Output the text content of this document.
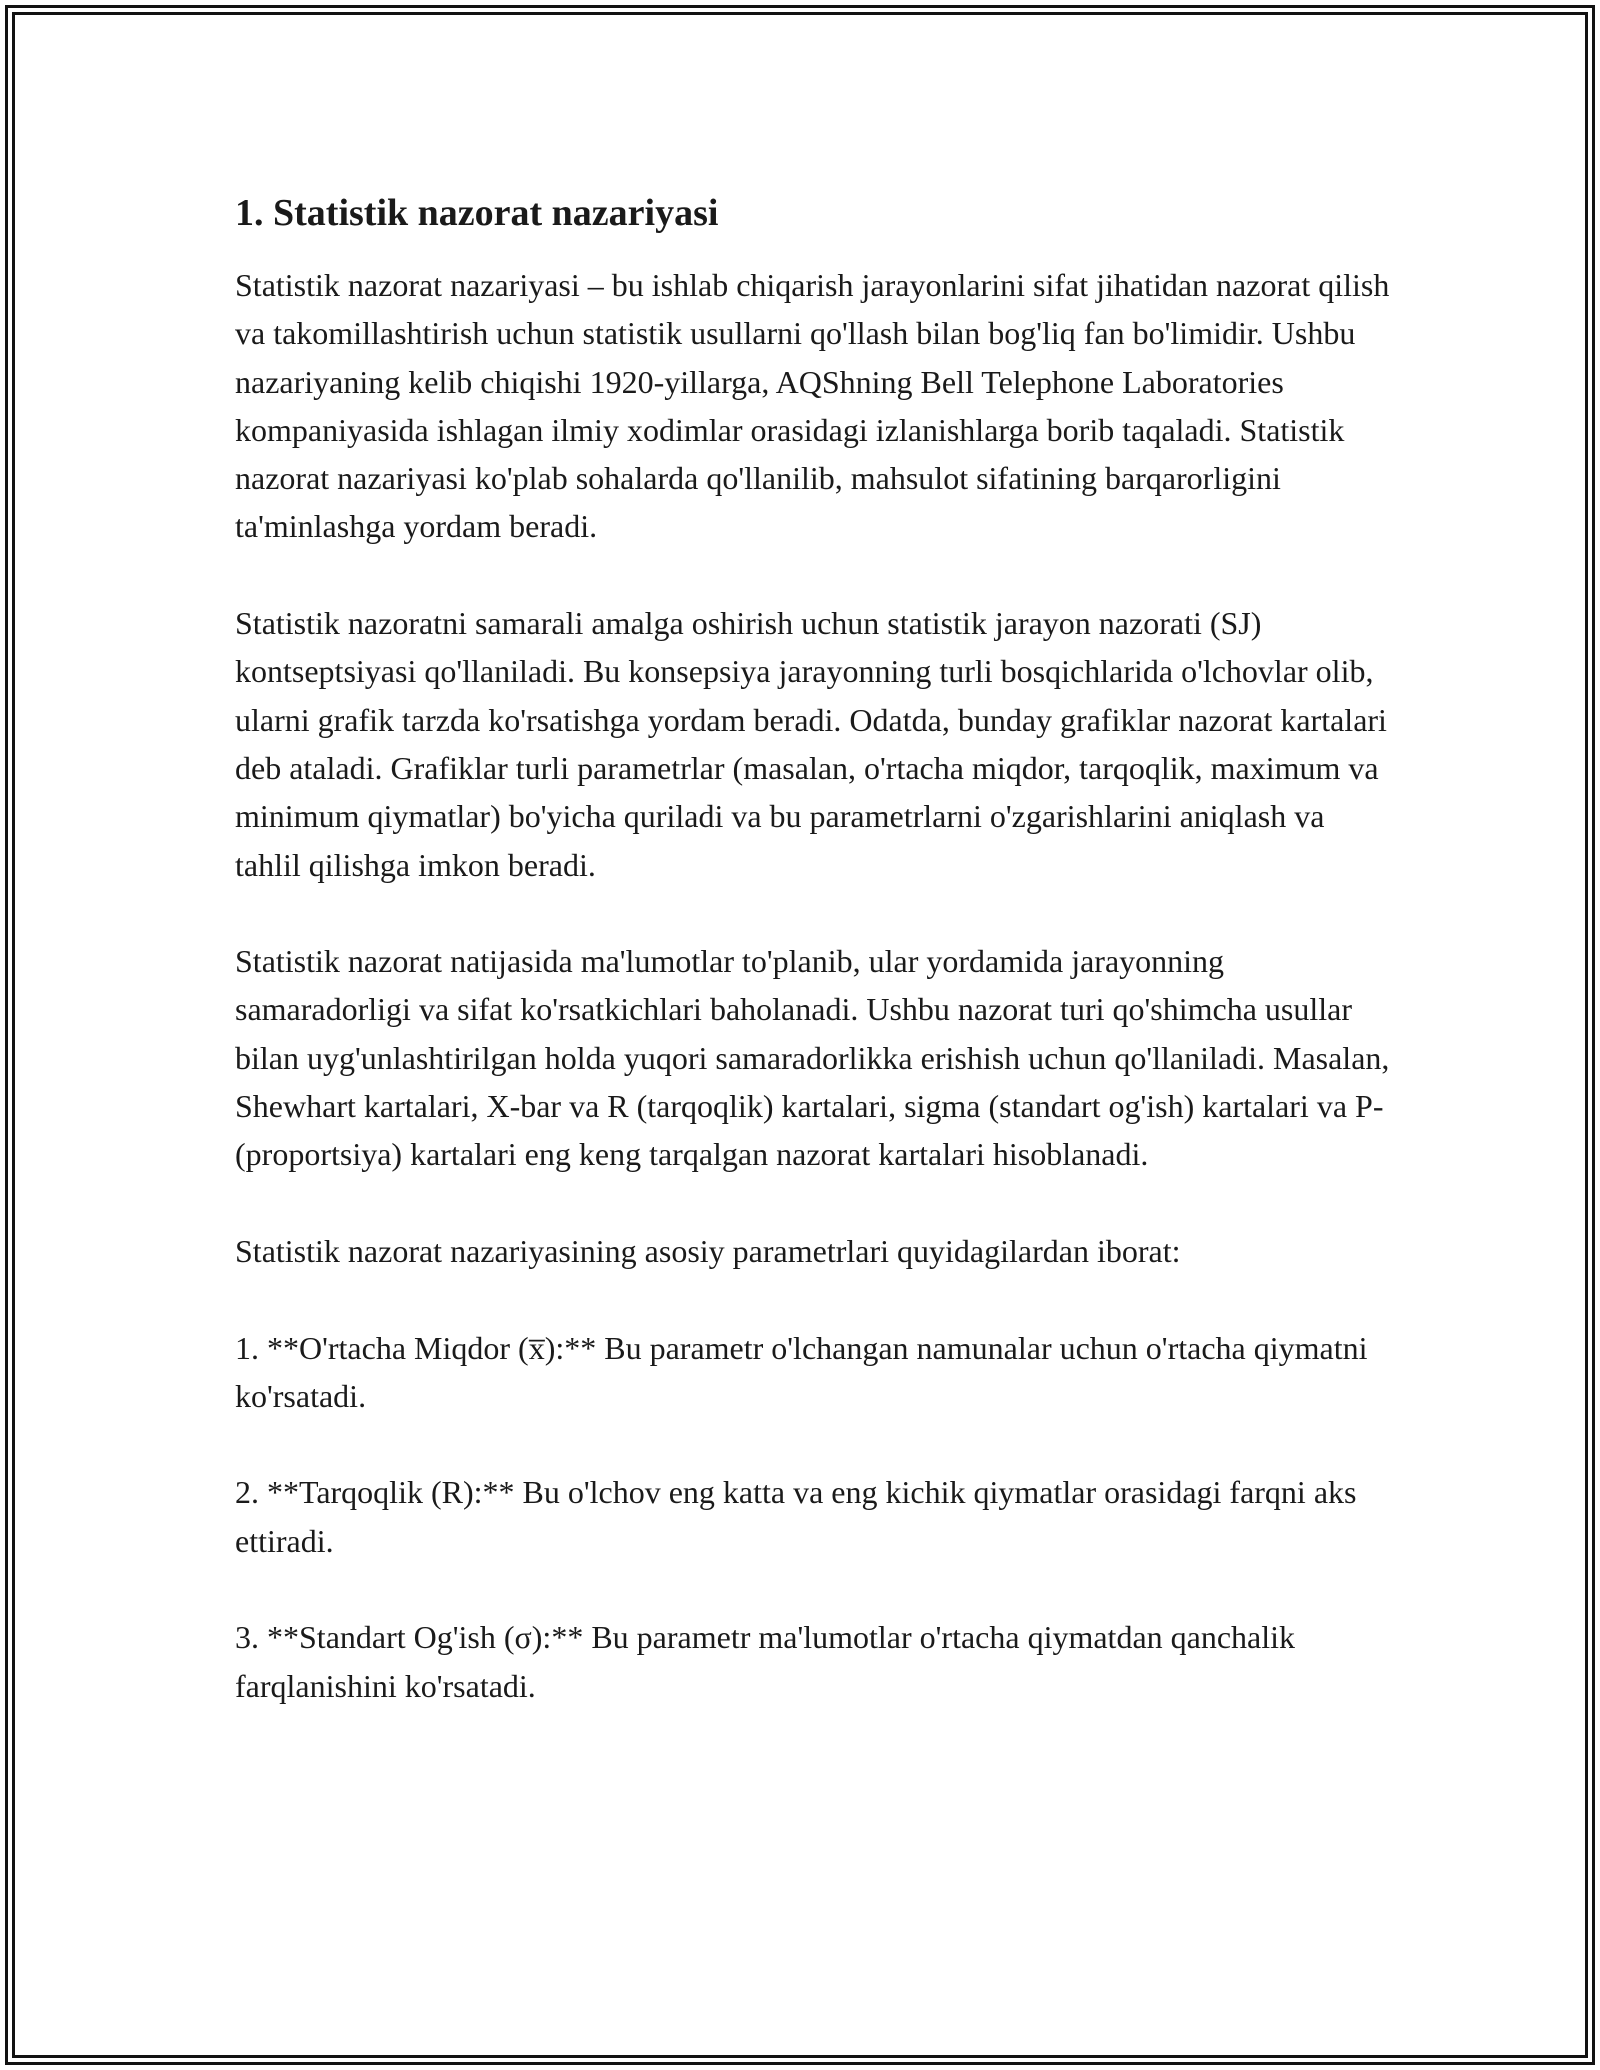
1. Statistik nazorat nazariyasi

Statistik nazorat nazariyasi – bu ishlab chiqarish jarayonlarini sifat jihatidan nazorat qilish va takomillashtirish uchun statistik usullarni qo'llash bilan bog'liq fan bo'limidir. Ushbu nazariyaning kelib chiqishi 1920-yillarga, AQShning Bell Telephone Laboratories kompaniyasida ishlagan ilmiy xodimlar orasidagi izlanishlarga borib taqaladi. Statistik nazorat nazariyasi ko'plab sohalarda qo'llanilib, mahsulot sifatining barqarorligini ta'minlashga yordam beradi.

Statistik nazoratni samarali amalga oshirish uchun statistik jarayon nazorati (SJ) kontseptsiyasi qo'llaniladi. Bu konsepsiya jarayonning turli bosqichlarida o'lchovlar olib, ularni grafik tarzda ko'rsatishga yordam beradi. Odatda, bunday grafiklar nazorat kartalari deb ataladi. Grafiklar turli parametrlar (masalan, o'rtacha miqdor, tarqoqlik, maximum va minimum qiymatlar) bo'yicha quriladi va bu parametrlarni o'zgarishlarini aniqlash va tahlil qilishga imkon beradi.

Statistik nazorat natijasida ma'lumotlar to'planib, ular yordamida jarayonning samaradorligi va sifat ko'rsatkichlari baholanadi. Ushbu nazorat turi qo'shimcha usullar bilan uyg'unlashtirilgan holda yuqori samaradorlikka erishish uchun qo'llaniladi. Masalan, Shewhart kartalari, X-bar va R (tarqoqlik) kartalari, sigma (standart og'ish) kartalari va P- (proportsiya) kartalari eng keng tarqalgan nazorat kartalari hisoblanadi.

Statistik nazorat nazariyasining asosiy parametrlari quyidagilardan iborat:

1. **O'rtacha Miqdor (x̅):** Bu parametr o'lchangan namunalar uchun o'rtacha qiymatni ko'rsatadi.

2. **Tarqoqlik (R):** Bu o'lchov eng katta va eng kichik qiymatlar orasidagi farqni aks ettiradi.

3. **Standart Og'ish (σ):** Bu parametr ma'lumotlar o'rtacha qiymatdan qanchalik farqlanishini ko'rsatadi.
